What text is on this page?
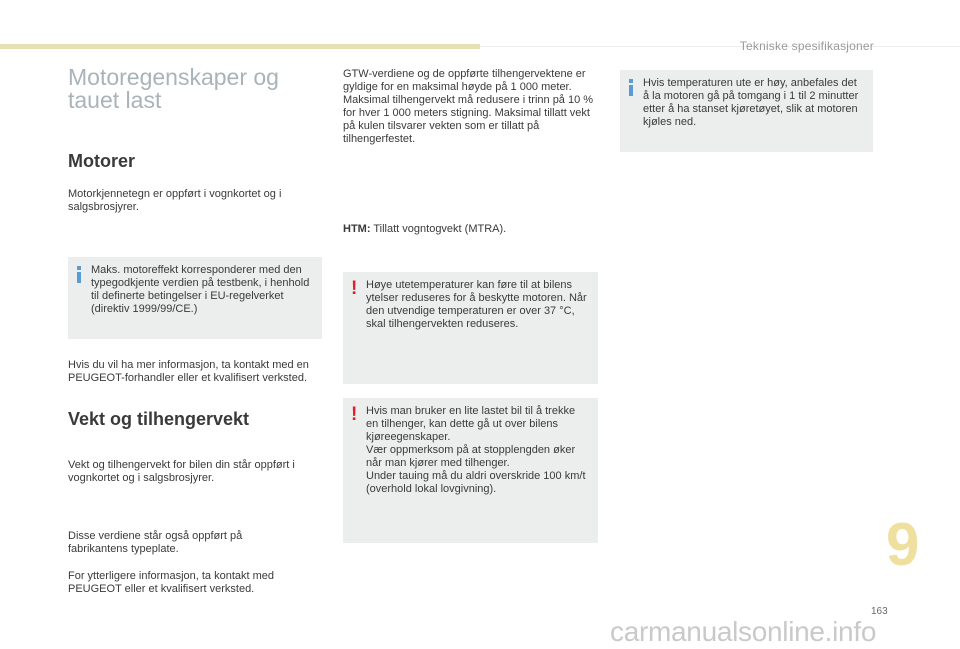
Tekniske spesifikasjoner
Motoregenskaper og tauet last
Motorer

Motorkjennetegn er oppført i vognkortet og i salgsbrosjyrer.

Maks. motoreffekt korresponderer med den typegodkjente verdien på testbenk, i henhold til definerte betingelser i EU-regelverket (direktiv 1999/99/CE.)

Hvis du vil ha mer informasjon, ta kontakt med en PEUGEOT-forhandler eller et kvalifisert verksted.

Vekt og tilhengervekt

Vekt og tilhengervekt for bilen din står oppført i vognkortet og i salgsbrosjyrer.

Disse verdiene står også oppført på fabrikantens typeplate.

For ytterligere informasjon, ta kontakt med PEUGEOT eller et kvalifisert verksted.

GTW-verdiene og de oppførte tilhengervektene er gyldige for en maksimal høyde på 1 000 meter. Maksimal tilhengervekt må redusere i trinn på 10 % for hver 1 000 meters stigning. Maksimal tillatt vekt på kulen tilsvarer vekten som er tillatt på tilhengerfestet.

HTM: Tillatt vogntogvekt (MTRA).

! Høye utetemperaturer kan føre til at bilens ytelser reduseres for å beskytte motoren. Når den utvendige temperaturen er over 37 °C, skal tilhengervekten reduseres.
! Hvis man bruker en lite lastet bil til å trekke en tilhenger, kan dette gå ut over bilens kjøreegenskaper.
Vær oppmerksom på at stopplengden øker når man kjører med tilhenger.
Under tauing må du aldri overskride 100 km/t (overhold lokal lovgivning).
Hvis temperaturen ute er høy, anbefales det å la motoren gå på tomgang i 1 til 2 minutter etter å ha stanset kjøretøyet, slik at motoren kjøles ned.
9
163
carmanualsonline.info
